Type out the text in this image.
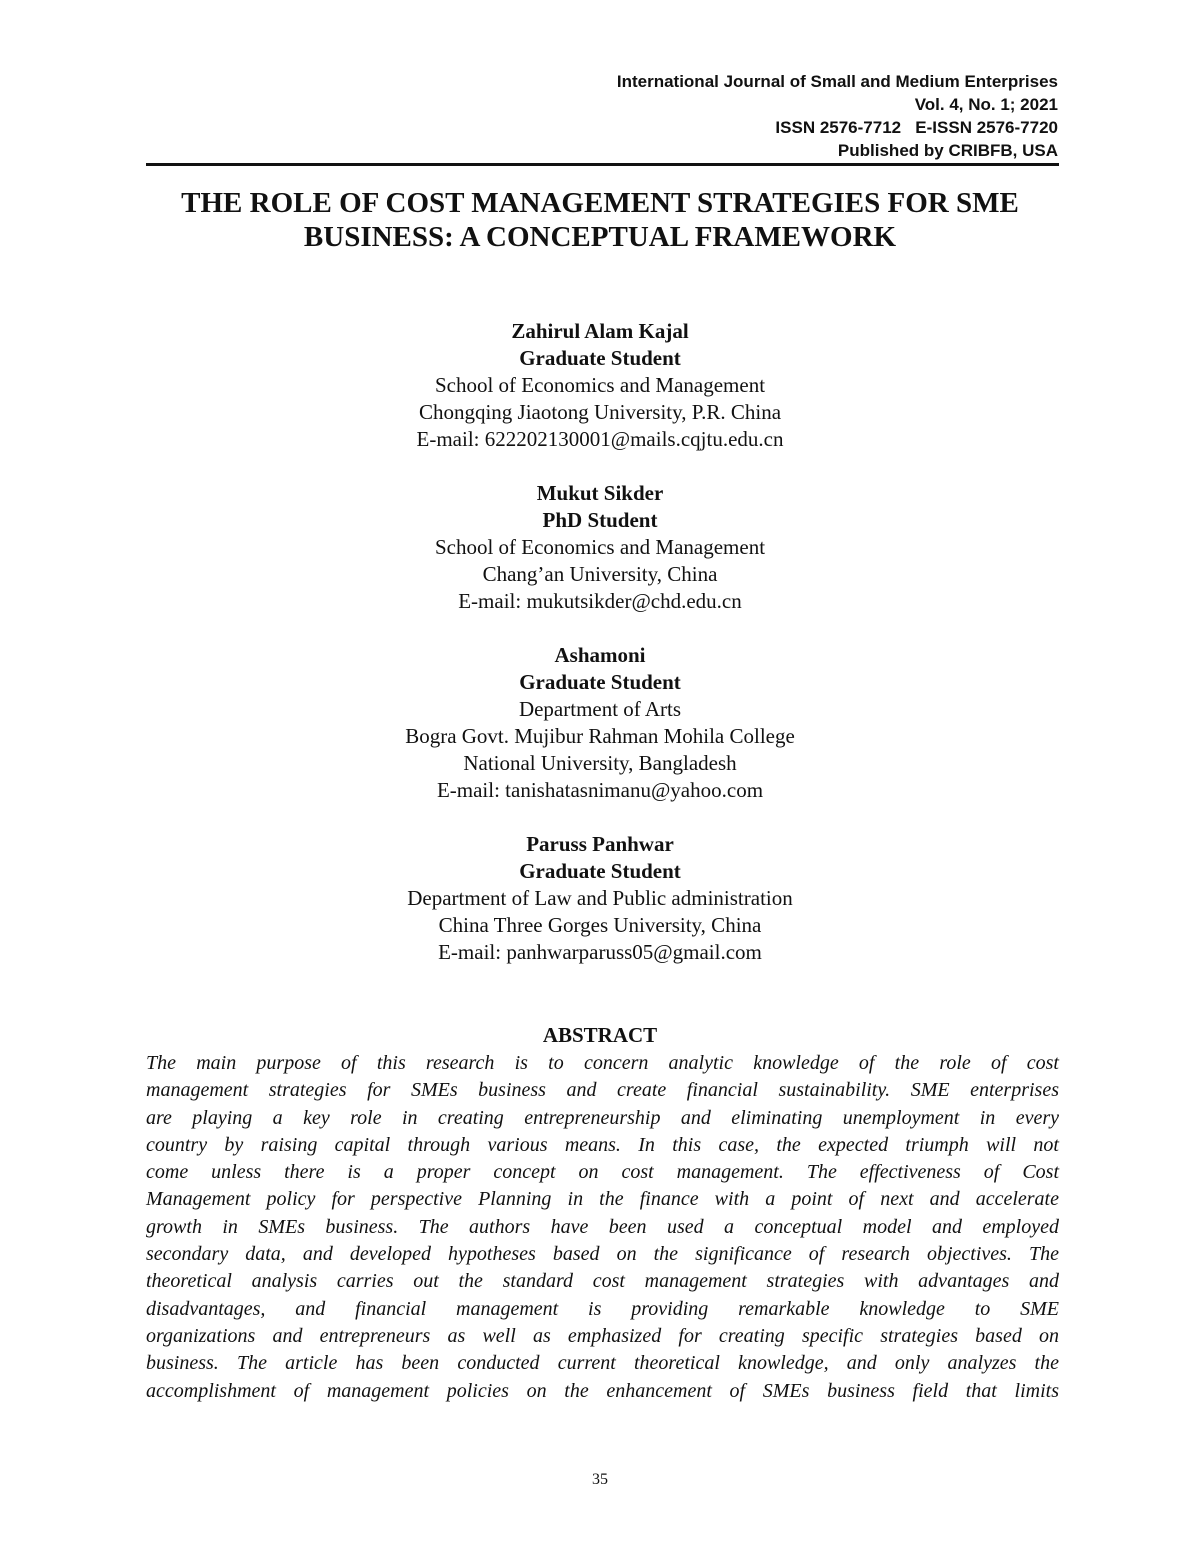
International Journal of Small and Medium Enterprises
Vol. 4, No. 1; 2021
ISSN 2576-7712   E-ISSN 2576-7720
Published by CRIBFB, USA
THE ROLE OF COST MANAGEMENT STRATEGIES FOR SME
BUSINESS: A CONCEPTUAL FRAMEWORK
Zahirul Alam Kajal
Graduate Student
School of Economics and Management
Chongqing Jiaotong University, P.R. China
E-mail: 622202130001@mails.cqjtu.edu.cn
Mukut Sikder
PhD Student
School of Economics and Management
Chang’an University, China
E-mail: mukutsikder@chd.edu.cn
Ashamoni
Graduate Student
Department of Arts
Bogra Govt. Mujibur Rahman Mohila College
National University, Bangladesh
E-mail: tanishatasnimanu@yahoo.com
Paruss Panhwar
Graduate Student
Department of Law and Public administration
China Three Gorges University, China
E-mail: panhwarparuss05@gmail.com
ABSTRACT
The main purpose of this research is to concern analytic knowledge of the role of cost
management strategies for SMEs business and create financial sustainability. SME enterprises
are playing a key role in creating entrepreneurship and eliminating unemployment in every
country by raising capital through various means. In this case, the expected triumph will not
come unless there is a proper concept on cost management. The effectiveness of Cost
Management policy for perspective Planning in the finance with a point of next and accelerate
growth in SMEs business. The authors have been used a conceptual model and employed
secondary data, and developed hypotheses based on the significance of research objectives. The
theoretical analysis carries out the standard cost management strategies with advantages and
disadvantages, and financial management is providing remarkable knowledge to SME
organizations and entrepreneurs as well as emphasized for creating specific strategies based on
business. The article has been conducted current theoretical knowledge, and only analyzes the
accomplishment of management policies on the enhancement of SMEs business field that limits
35
